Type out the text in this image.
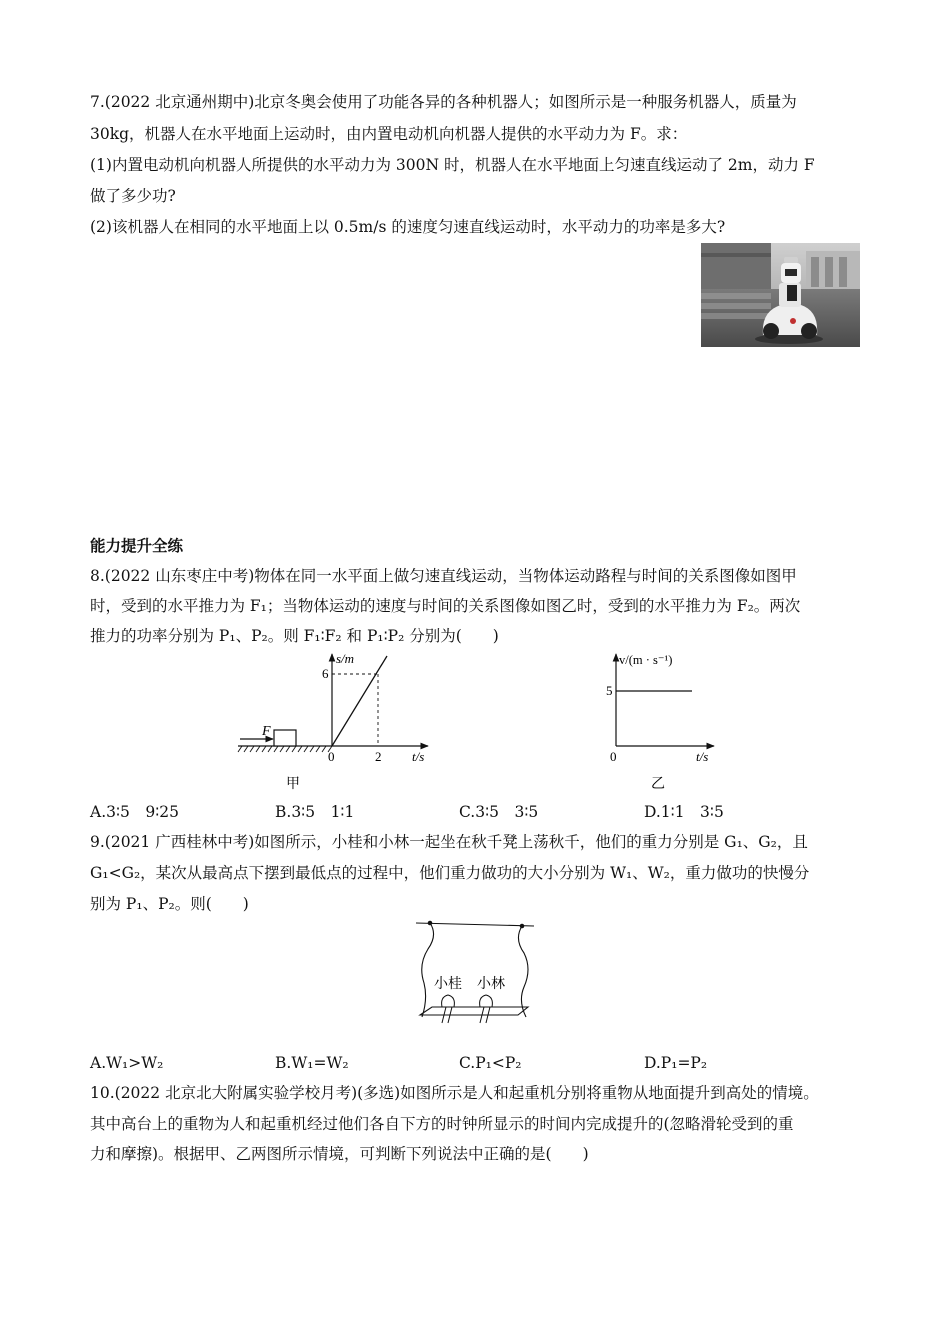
7.(2022 北京通州期中)北京冬奥会使用了功能各异的各种机器人；如图所示是一种服务机器人，质量为
30kg，机器人在水平地面上运动时，由内置电动机向机器人提供的水平动力为 F。求：
(1)内置电动机向机器人所提供的水平动力为 300N 时，机器人在水平地面上匀速直线运动了 2m，动力 F
做了多少功?
(2)该机器人在相同的水平地面上以 0.5m/s 的速度匀速直线运动时，水平动力的功率是多大?
能力提升全练
8.(2022 山东枣庄中考)物体在同一水平面上做匀速直线运动，当物体运动路程与时间的关系图像如图甲
时，受到的水平推力为 F₁；当物体运动的速度与时间的关系图像如图乙时，受到的水平推力为 F₂。两次
推力的功率分别为 P₁、P₂。则 F₁∶F₂ 和 P₁∶P₂ 分别为(　　)
F
s/m
t/s
0
6
2
甲
v/(m · s⁻¹)
t/s
0
5
乙
A.3∶5　9∶25	B.3∶5　1∶1	C.3∶5　3∶5	D.1∶1　3∶5
9.(2021 广西桂林中考)如图所示，小桂和小林一起坐在秋千凳上荡秋千，他们的重力分别是 G₁、G₂，且
G₁<G₂，某次从最高点下摆到最低点的过程中，他们重力做功的大小分别为 W₁、W₂，重力做功的快慢分
别为 P₁、P₂。则(　　)
小桂 小林
A.W₁>W₂	B.W₁=W₂	C.P₁<P₂	D.P₁=P₂
10.(2022 北京北大附属实验学校月考)(多选)如图所示是人和起重机分别将重物从地面提升到高处的情境。
其中高台上的重物为人和起重机经过他们各自下方的时钟所显示的时间内完成提升的(忽略滑轮受到的重
力和摩擦)。根据甲、乙两图所示情境，可判断下列说法中正确的是(　　)
